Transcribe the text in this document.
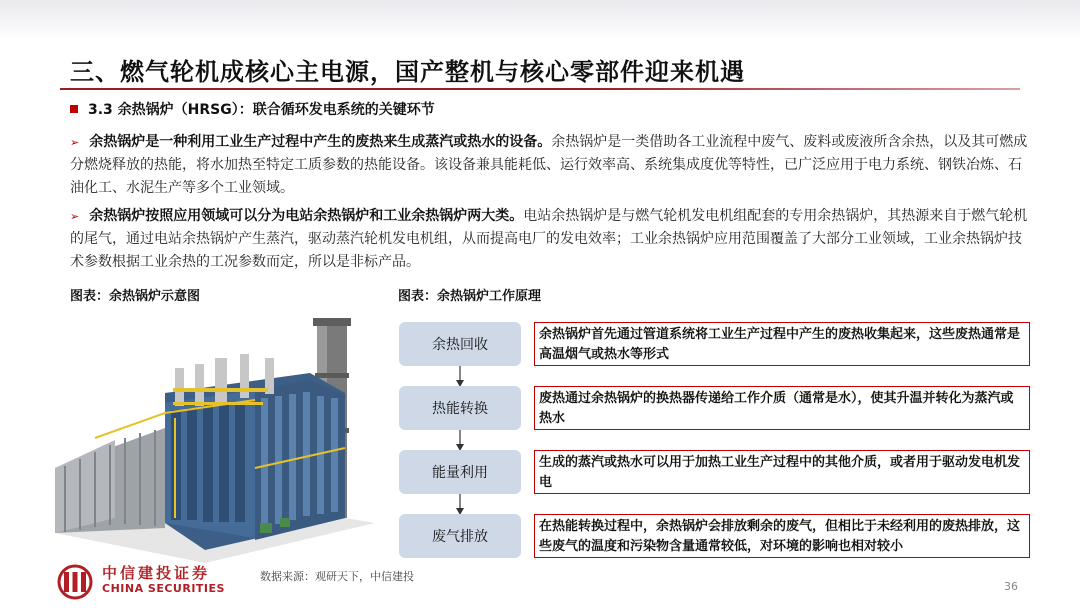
三、燃气轮机成核心主电源，国产整机与核心零部件迎来机遇
3.3 余热锅炉（HRSG）：联合循环发电系统的关键环节

➢ 余热锅炉是一种利用工业生产过程中产生的废热来生成蒸汽或热水的设备。余热锅炉是一类借助各工业流程中废气、废料或废液所含余热，以及其可燃成分燃烧释放的热能，将水加热至特定工质参数的热能设备。该设备兼具能耗低、运行效率高、系统集成度优等特性，已广泛应用于电力系统、钢铁冶炼、石油化工、水泥生产等多个工业领域。

➢ 余热锅炉按照应用领域可以分为电站余热锅炉和工业余热锅炉两大类。电站余热锅炉是与燃气轮机发电机组配套的专用余热锅炉，其热源来自于燃气轮机的尾气，通过电站余热锅炉产生蒸汽，驱动蒸汽轮机发电机组，从而提高电厂的发电效率；工业余热锅炉应用范围覆盖了大部分工业领域，工业余热锅炉技术参数根据工业余热的工况参数而定，所以是非标产品。

图表：余热锅炉示意图	图表：余热锅炉工作原理
余热回收
余热锅炉首先通过管道系统将工业生产过程中产生的废热收集起来，这些废热通常是高温烟气或热水等形式
热能转换
废热通过余热锅炉的换热器传递给工作介质（通常是水），使其升温并转化为蒸汽或热水
能量利用
生成的蒸汽或热水可以用于加热工业生产过程中的其他介质，或者用于驱动发电机发电
废气排放
在热能转换过程中，余热锅炉会排放剩余的废气，但相比于未经利用的废热排放，这些废气的温度和污染物含量通常较低，对环境的影响也相对较小
中信建投证券
CHINA SECURITIES
数据来源：观研天下，中信建投
36
